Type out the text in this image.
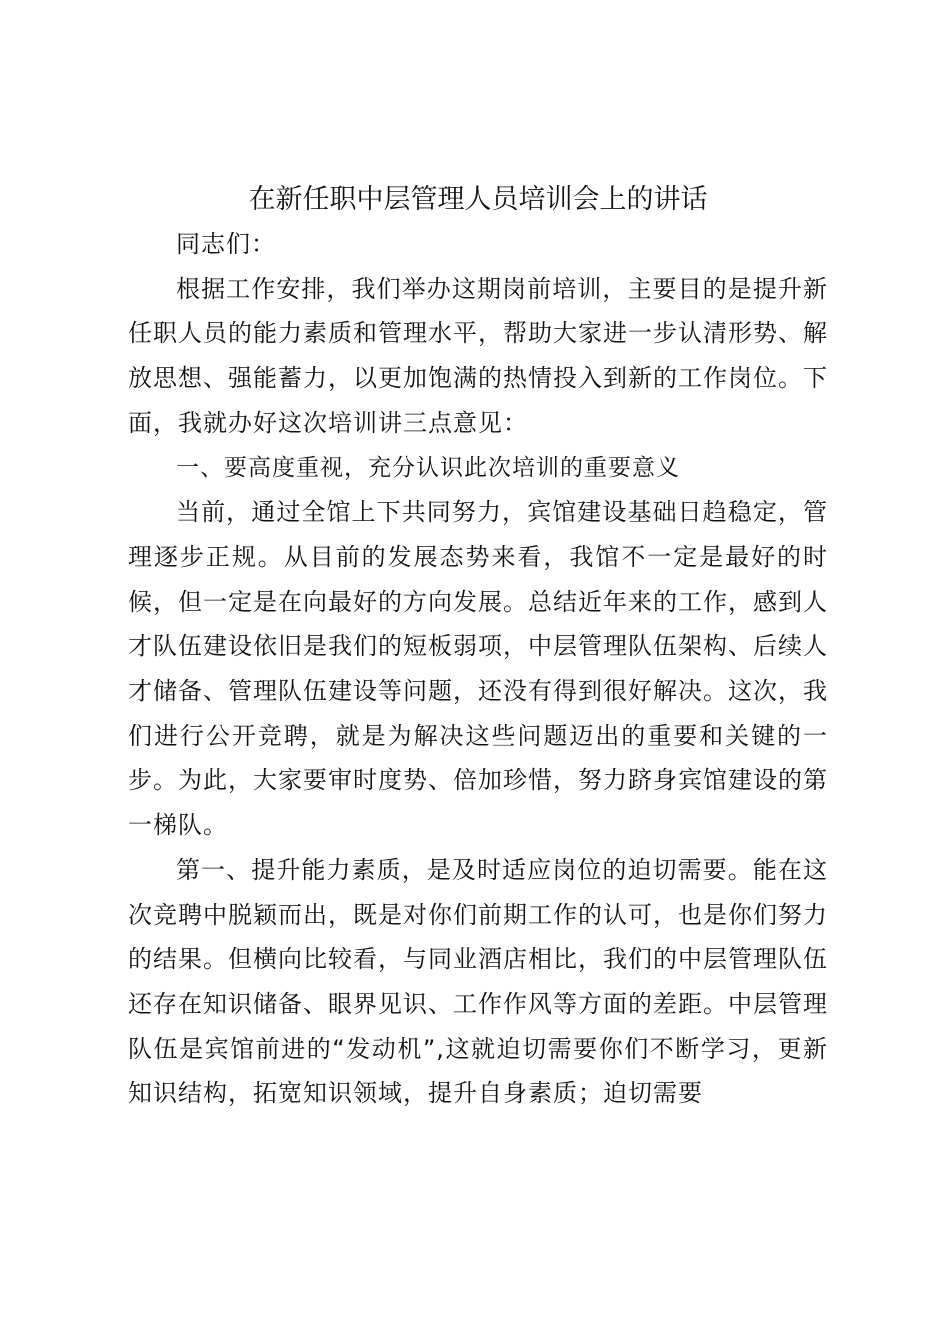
在新任职中层管理人员培训会上的讲话

同志们：

根据工作安排，我们举办这期岗前培训，主要目的是提升新任职人员的能力素质和管理水平，帮助大家进一步认清形势、解放思想、强能蓄力，以更加饱满的热情投入到新的工作岗位。下面，我就办好这次培训讲三点意见：

一、要高度重视，充分认识此次培训的重要意义

当前，通过全馆上下共同努力，宾馆建设基础日趋稳定，管理逐步正规。从目前的发展态势来看，我馆不一定是最好的时候，但一定是在向最好的方向发展。总结近年来的工作，感到人才队伍建设依旧是我们的短板弱项，中层管理队伍架构、后续人才储备、管理队伍建设等问题，还没有得到很好解决。这次，我们进行公开竞聘，就是为解决这些问题迈出的重要和关键的一步。为此，大家要审时度势、倍加珍惜，努力跻身宾馆建设的第一梯队。

第一、提升能力素质，是及时适应岗位的迫切需要。能在这次竞聘中脱颖而出，既是对你们前期工作的认可，也是你们努力的结果。但横向比较看，与同业酒店相比，我们的中层管理队伍还存在知识储备、眼界见识、工作作风等方面的差距。中层管理队伍是宾馆前进的“发动机”,这就迫切需要你们不断学习，更新知识结构，拓宽知识领域，提升自身素质；迫切需要
